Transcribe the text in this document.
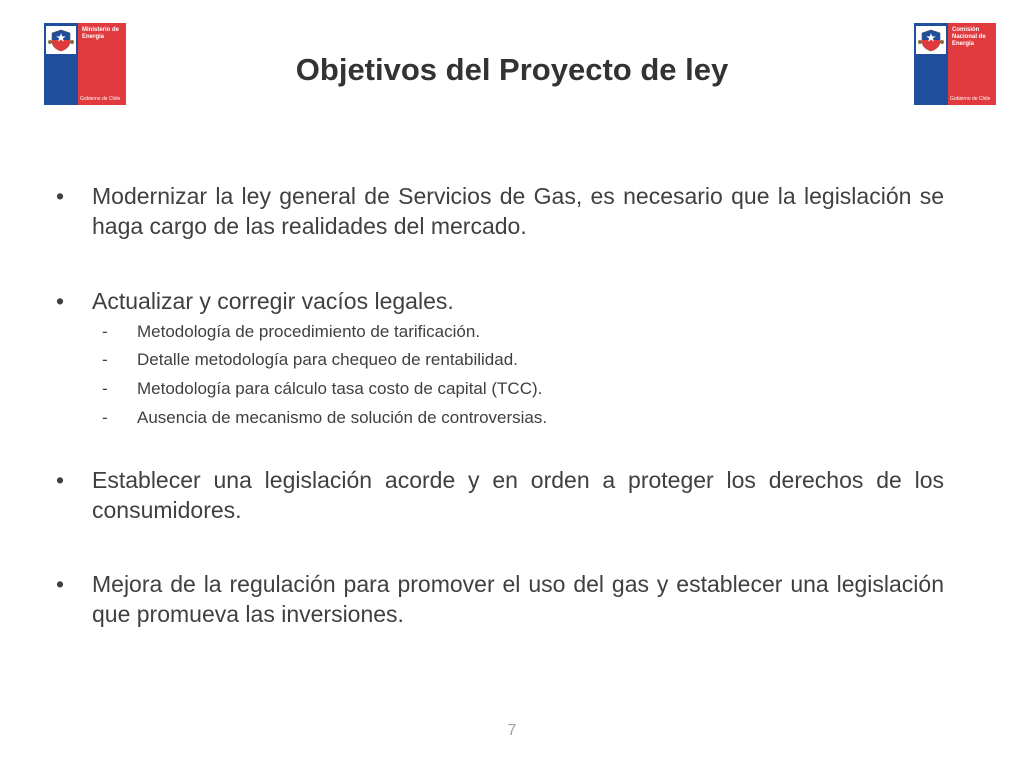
Ministerio de Energía
Gobierno de Chile
Comisión Nacional de Energía
Gobierno de Chile
Objetivos del Proyecto de ley
• Modernizar la ley general de Servicios de Gas, es necesario que la legislación se haga cargo de las realidades del mercado.
• Actualizar y corregir vacíos legales.
- Metodología de procedimiento de tarificación.
- Detalle metodología para chequeo de rentabilidad.
- Metodología para cálculo tasa costo de capital (TCC).
- Ausencia de mecanismo de solución de controversias.
• Establecer una legislación acorde y en orden a proteger los derechos de los consumidores.
• Mejora de la regulación para promover el uso del gas y establecer una legislación que promueva las inversiones.
7
